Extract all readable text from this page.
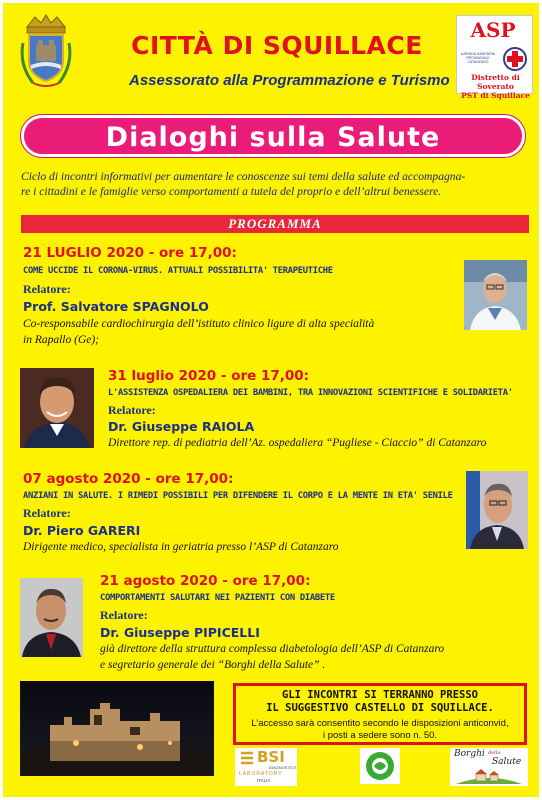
CITTÀ DI SQUILLACE
Assessorato alla Programmazione e Turismo
ASP
AZIENDA SANITARIA PROVINCIALE CATANZARO
Distretto di Soverato
PST di Squillace
Dialoghi sulla Salute
Ciclo di incontri informativi per aumentare le conoscenze sui temi della salute ed accompagna-
re i cittadini e le famiglie verso comportamenti a tutela del proprio e dell’altrui benessere.
PROGRAMMA
21 LUGLIO 2020 - ore 17,00:
COME UCCIDE IL CORONA-VIRUS. ATTUALI POSSIBILITA' TERAPEUTICHE
Relatore:
Prof. Salvatore SPAGNOLO
Co-responsabile cardiochirurgia dell’istituto clinico ligure di alta specialità
in Rapallo (Ge);
31 luglio 2020 - ore 17,00:
L'ASSISTENZA OSPEDALIERA DEI BAMBINI, TRA INNOVAZIONI SCIENTIFICHE E SOLIDARIETA'
Relatore:
Dr. Giuseppe RAIOLA
Direttore rep. di pediatria dell’Az. ospedaliera “Pugliese - Ciaccio” di Catanzaro
07 agosto 2020 - ore 17,00:
ANZIANI IN SALUTE. I RIMEDI POSSIBILI PER DIFENDERE IL CORPO E LA MENTE IN ETA' SENILE
Relatore:
Dr. Piero GARERI
Dirigente medico, specialista in geriatria presso l’ASP di Catanzaro
21 agosto 2020 - ore 17,00:
COMPORTAMENTI SALUTARI NEI PAZIENTI CON DIABETE
Relatore:
Dr. Giuseppe PIPICELLI
già direttore della struttura complessa diabetologia dell’ASP di Catanzaro
e segretario generale dei “Borghi della Salute” .
GLI INCONTRI SI TERRANNO PRESSO
IL SUGGESTIVO CASTELLO DI SQUILLACE.
L’accesso sarà consentito secondo le disposizioni anticonvid,
i posti a sedere sono n. 50.
BSI
DIAGNOSTICS
LABORATORY
ITALIA
Borghi della
Salute
